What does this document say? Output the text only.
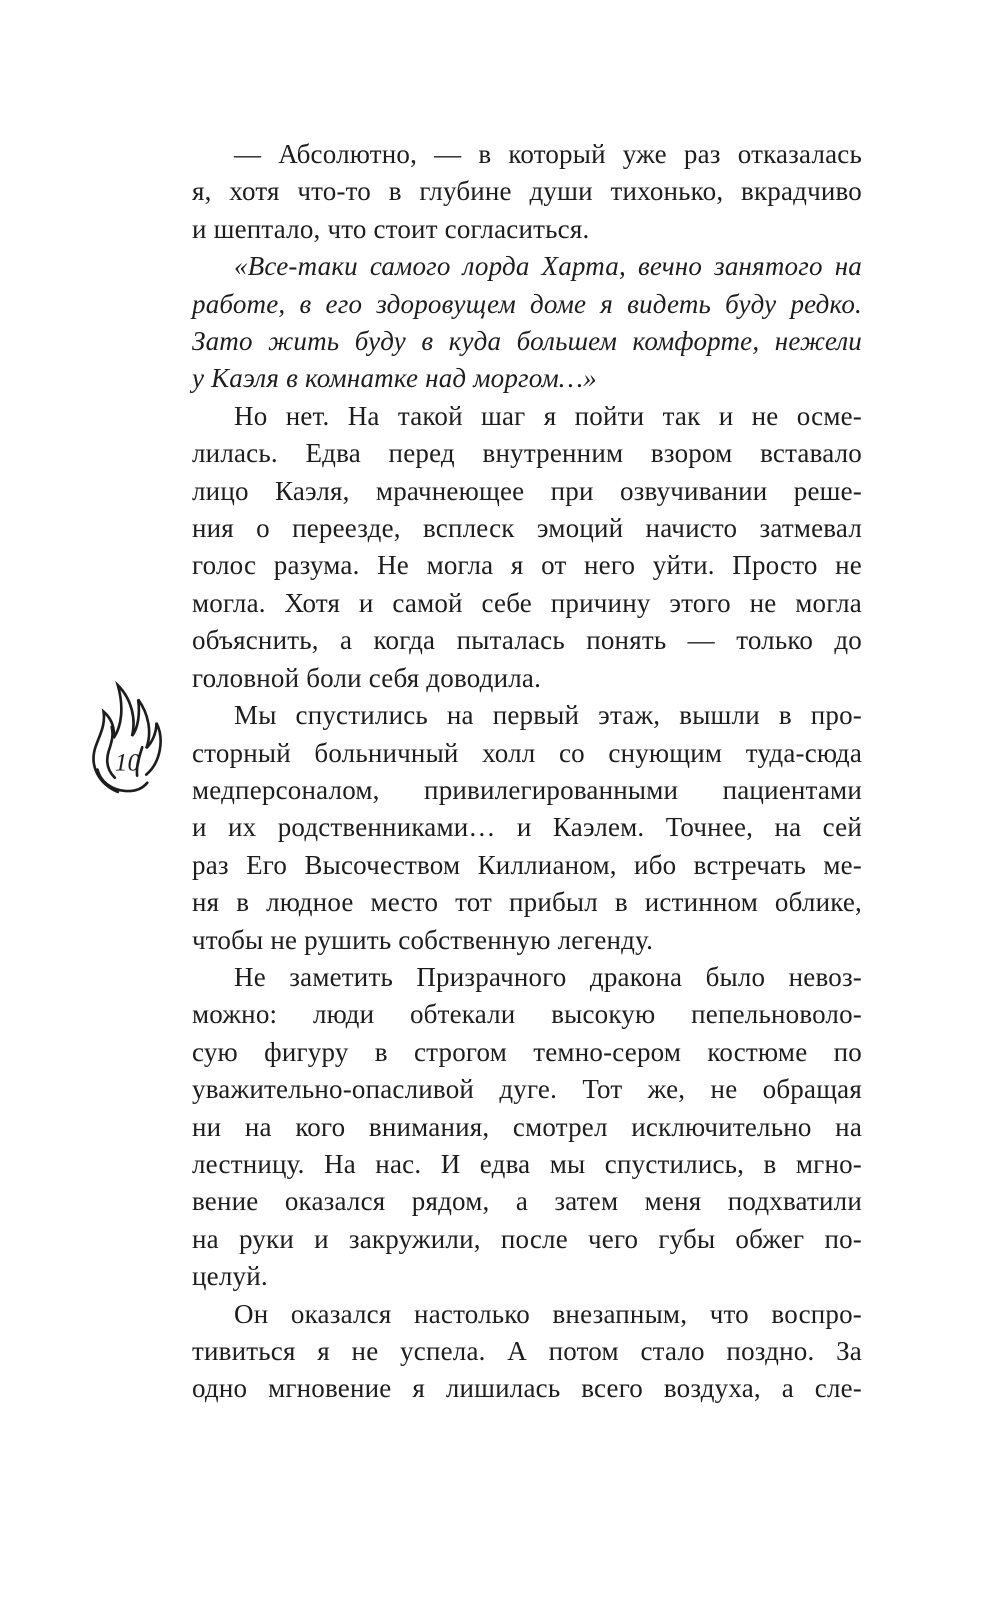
10
— Абсолютно, — в который уже раз отказалась
я, хотя что-то в глубине души тихонько, вкрадчиво
и шептало, что стоит согласиться.
«Все-таки самого лорда Харта, вечно занятого на
работе, в его здоровущем доме я видеть буду редко.
Зато жить буду в куда большем комфорте, нежели
у Каэля в комнатке над моргом…»
Но нет. На такой шаг я пойти так и не осме-
лилась. Едва перед внутренним взором вставало
лицо Каэля, мрачнеющее при озвучивании реше-
ния о переезде, всплеск эмоций начисто затмевал
голос разума. Не могла я от него уйти. Просто не
могла. Хотя и самой себе причину этого не могла
объяснить, а когда пыталась понять — только до
головной боли себя доводила.
Мы спустились на первый этаж, вышли в про-
сторный больничный холл со снующим туда-сюда
медперсоналом, привилегированными пациентами
и их родственниками… и Каэлем. Точнее, на сей
раз Его Высочеством Киллианом, ибо встречать ме-
ня в людное место тот прибыл в истинном облике,
чтобы не рушить собственную легенду.
Не заметить Призрачного дракона было невоз-
можно: люди обтекали высокую пепельноволо-
сую фигуру в строгом темно-сером костюме по
уважительно-опасливой дуге. Тот же, не обращая
ни на кого внимания, смотрел исключительно на
лестницу. На нас. И едва мы спустились, в мгно-
вение оказался рядом, а затем меня подхватили
на руки и закружили, после чего губы обжег по-
целуй.
Он оказался настолько внезапным, что воспро-
тивиться я не успела. А потом стало поздно. За
одно мгновение я лишилась всего воздуха, а сле-
